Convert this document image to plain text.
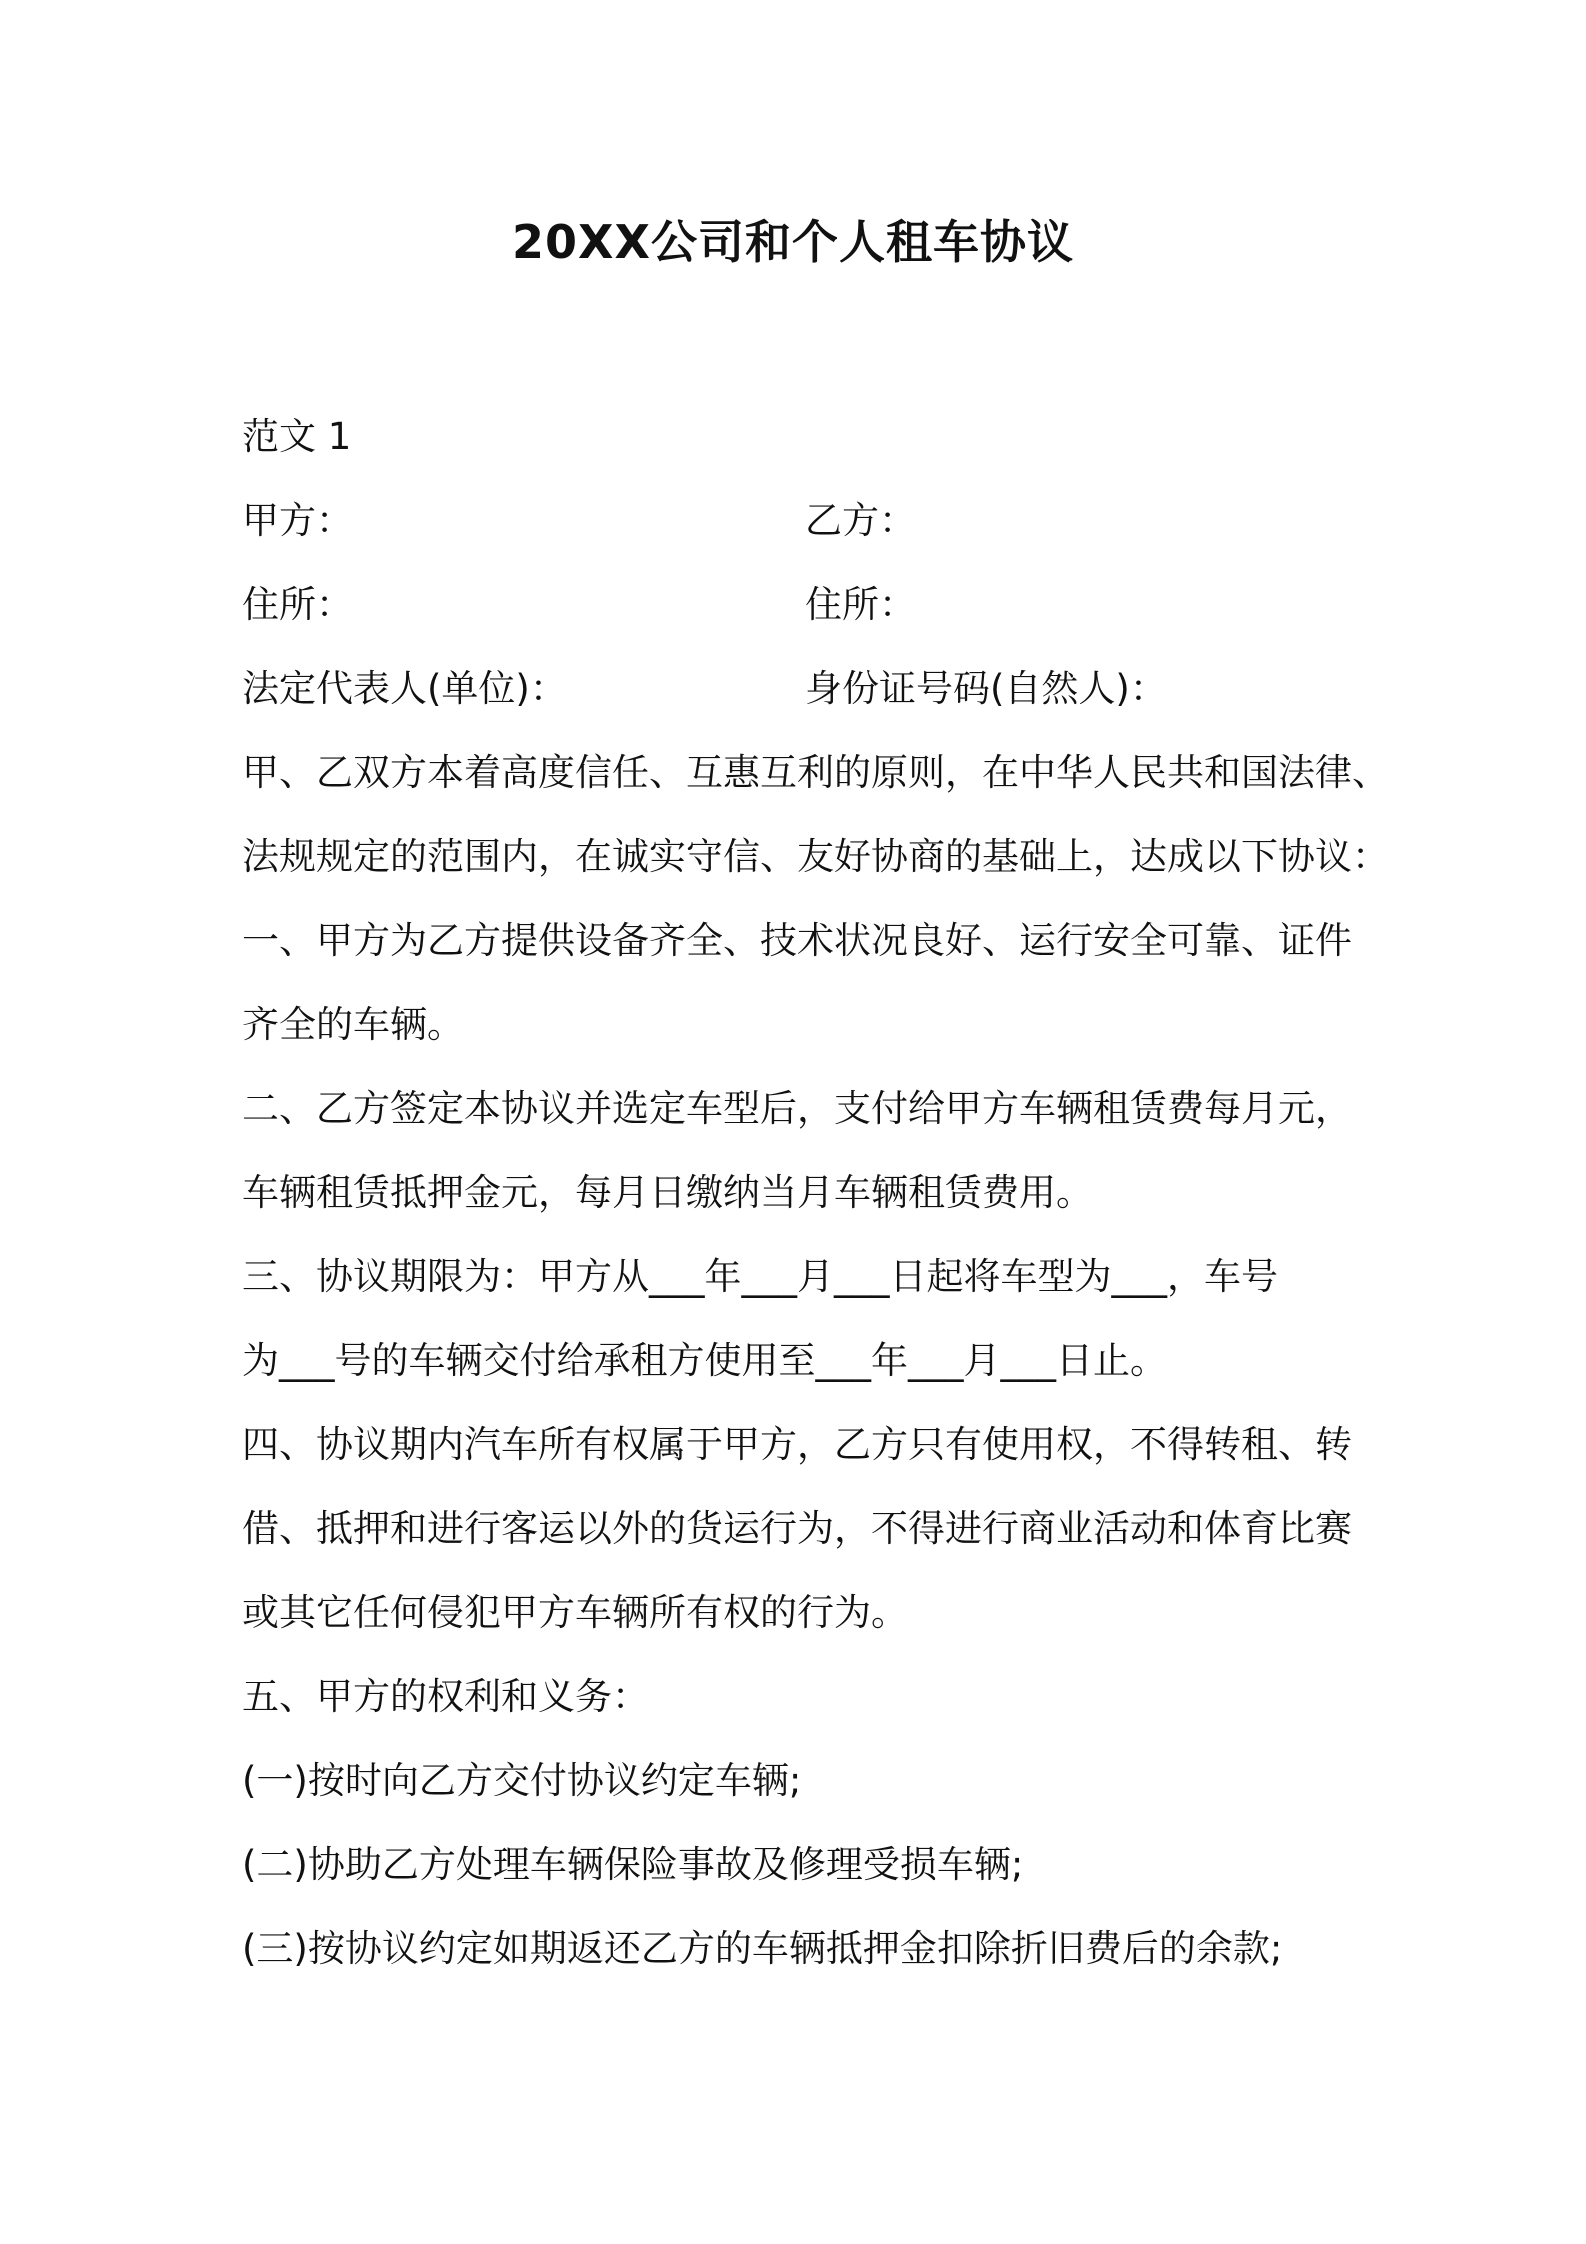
20XX公司和个人租车协议
范文 1
甲方：	乙方：
住所：	住所：
法定代表人(单位)：	身份证号码(自然人)：
甲、乙双方本着高度信任、互惠互利的原则，在中华人民共和国法律、
法规规定的范围内，在诚实守信、友好协商的基础上，达成以下协议：
一、甲方为乙方提供设备齐全、技术状况良好、运行安全可靠、证件
齐全的车辆。
二、乙方签定本协议并选定车型后，支付给甲方车辆租赁费每月元，
车辆租赁抵押金元，每月日缴纳当月车辆租赁费用。
三、协议期限为：甲方从___年___月___日起将车型为___，车号
为___号的车辆交付给承租方使用至___年___月___日止。
四、协议期内汽车所有权属于甲方，乙方只有使用权，不得转租、转
借、抵押和进行客运以外的货运行为，不得进行商业活动和体育比赛
或其它任何侵犯甲方车辆所有权的行为。
五、甲方的权利和义务：
(一)按时向乙方交付协议约定车辆;
(二)协助乙方处理车辆保险事故及修理受损车辆;
(三)按协议约定如期返还乙方的车辆抵押金扣除折旧费后的余款;
